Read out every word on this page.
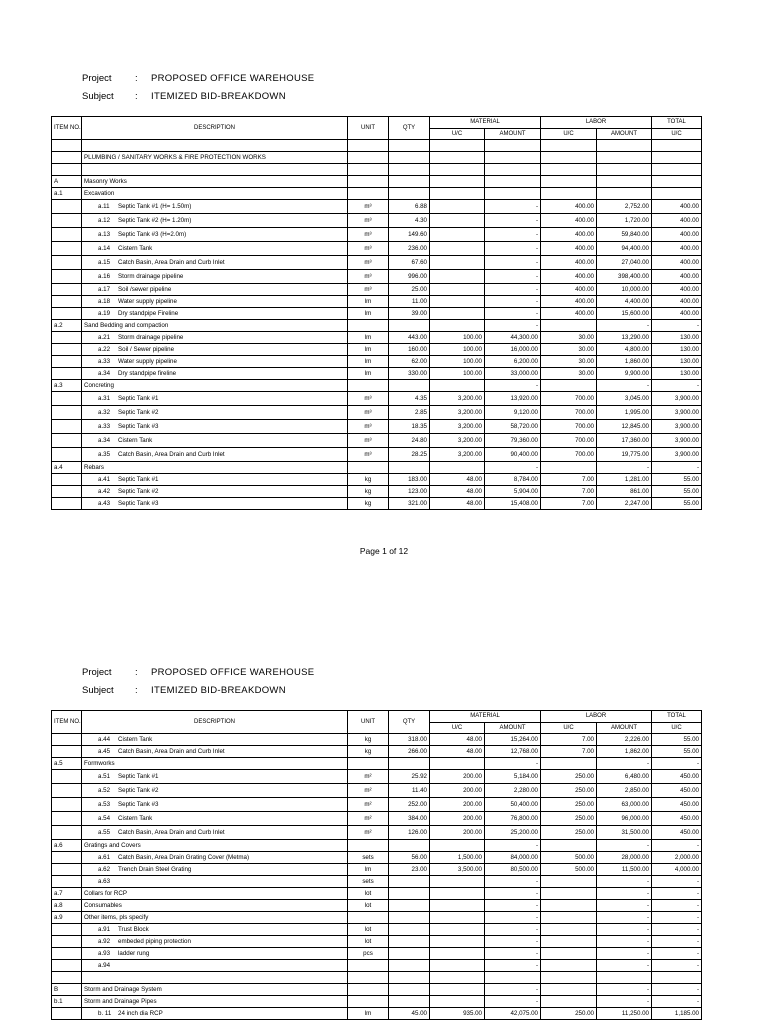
Project : PROPOSED OFFICE WAREHOUSE
Subject : ITEMIZED BID-BREAKDOWN
ITEM NO.	DESCRIPTION	UNIT	QTY	MATERIAL		LABOR		TOTAL
				U/C	AMOUNT	U/C	AMOUNT	U/C

	PLUMBING / SANITARY WORKS & FIRE PROTECTION WORKS							

A	Masonry Works							
a.1	Excavation							
	a.11 Septic Tank #1 (H= 1.50m)	m³	6.88		-	400.00	2,752.00	400.00
	a.12 Septic Tank #2 (H= 1.20m)	m³	4.30		-	400.00	1,720.00	400.00
	a.13 Septic Tank #3 (H=2.0m)	m³	149.60		-	400.00	59,840.00	400.00
	a.14 Cistern Tank	m³	236.00		-	400.00	94,400.00	400.00
	a.15 Catch Basin, Area Drain and Curb Inlet	m³	67.60		-	400.00	27,040.00	400.00
	a.16 Storm drainage pipeline	m³	996.00		-	400.00	398,400.00	400.00
	a.17 Soil /sewer pipeline	m³	25.00		-	400.00	10,000.00	400.00
	a.18 Water supply pipeline	lm	11.00		-	400.00	4,400.00	400.00
	a.19 Dry standpipe Fireline	lm	39.00		-	400.00	15,600.00	400.00
a.2	Sand Bedding and compaction				-		-	-
	a.21 Storm drainage pipeline	lm	443.00	100.00	44,300.00	30.00	13,290.00	130.00
	a.22 Soil / Sewer pipeline	lm	160.00	100.00	16,000.00	30.00	4,800.00	130.00
	a.33 Water supply pipeline	lm	62.00	100.00	6,200.00	30.00	1,860.00	130.00
	a.34 Dry standpipe fireline	lm	330.00	100.00	33,000.00	30.00	9,900.00	130.00
a.3	Concreting				-		-	-
	a.31 Septic Tank #1	m³	4.35	3,200.00	13,920.00	700.00	3,045.00	3,900.00
	a.32 Septic Tank #2	m³	2.85	3,200.00	9,120.00	700.00	1,995.00	3,900.00
	a.33 Septic Tank #3	m³	18.35	3,200.00	58,720.00	700.00	12,845.00	3,900.00
	a.34 Cistern Tank	m³	24.80	3,200.00	79,360.00	700.00	17,360.00	3,900.00
	a.35 Catch Basin, Area Drain and Curb Inlet	m³	28.25	3,200.00	90,400.00	700.00	19,775.00	3,900.00
a.4	Rebars				-		-	-
	a.41 Septic Tank #1	kg	183.00	48.00	8,784.00	7.00	1,281.00	55.00
	a.42 Septic Tank #2	kg	123.00	48.00	5,904.00	7.00	861.00	55.00
	a.43 Septic Tank #3	kg	321.00	48.00	15,408.00	7.00	2,247.00	55.00
Page 1 of 12
Project : PROPOSED OFFICE WAREHOUSE
Subject : ITEMIZED BID-BREAKDOWN
ITEM NO.	DESCRIPTION	UNIT	QTY	MATERIAL		LABOR		TOTAL
				U/C	AMOUNT	U/C	AMOUNT	U/C
	a.44 Cistern Tank	kg	318.00	48.00	15,264.00	7.00	2,226.00	55.00
	a.45 Catch Basin, Area Drain and Curb Inlet	kg	266.00	48.00	12,768.00	7.00	1,862.00	55.00
a.5	Formworks				-		-	-
	a.51 Septic Tank #1	m²	25.92	200.00	5,184.00	250.00	6,480.00	450.00
	a.52 Septic Tank #2	m²	11.40	200.00	2,280.00	250.00	2,850.00	450.00
	a.53 Septic Tank #3	m²	252.00	200.00	50,400.00	250.00	63,000.00	450.00
	a.54 Cistern Tank	m²	384.00	200.00	76,800.00	250.00	96,000.00	450.00
	a.55 Catch Basin, Area Drain and Curb Inlet	m²	126.00	200.00	25,200.00	250.00	31,500.00	450.00
a.6	Gratings and Covers				-		-	-
	a.61 Catch Basin, Area Drain Grating Cover (Metma)	sets	56.00	1,500.00	84,000.00	500.00	28,000.00	2,000.00
	a.62 Trench Drain Steel Grating	lm	23.00	3,500.00	80,500.00	500.00	11,500.00	4,000.00
	a.63	sets			-		-	-
a.7	Collars for RCP	lot			-		-	-
a.8	Consumables	lot			-		-	-
a.9	Other items, pls specify				-		-	-
	a.91 Trust Block	lot			-		-	-
	a.92 embeded piping protection	lot			-		-	-
	a.93 ladder rung	pcs			-		-	-
	a.94				-		-	-

B	Storm and Drainage System				-		-	-
b.1	Storm and Drainage Pipes				-		-	-
	b. 11 24 inch dia RCP	lm	45.00	935.00	42,075.00	250.00	11,250.00	1,185.00
